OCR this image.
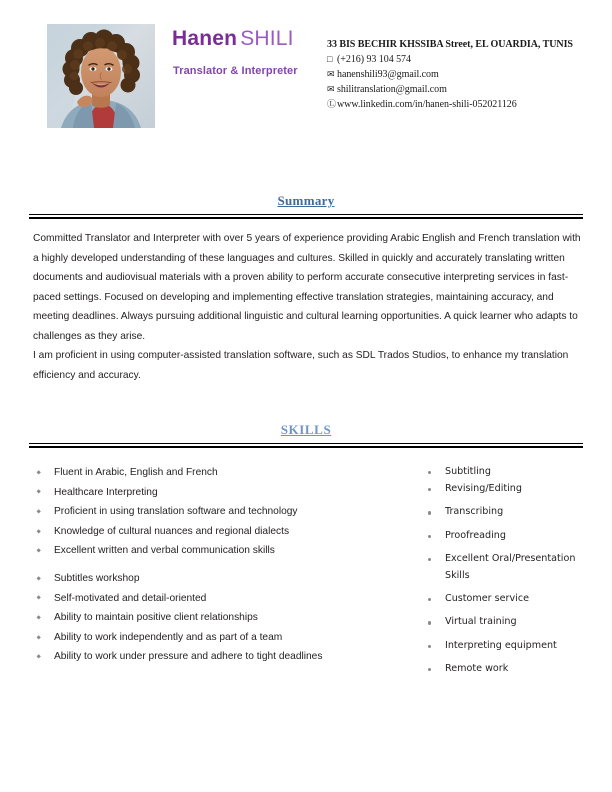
Hanen SHILI
Translator & Interpreter
33 BIS BECHIR KHSSIBA Street, EL OUARDIA, TUNIS
□ (+216) 93 104 574
✉ hanenshili93@gmail.com
✉ shilitranslation@gmail.com
Ⓛ www.linkedin.com/in/hanen-shili-052021126
Summary

Committed Translator and Interpreter with over 5 years of experience providing Arabic English and French translation with a highly developed understanding of these languages and cultures. Skilled in quickly and accurately translating written documents and audiovisual materials with a proven ability to perform accurate consecutive interpreting services in fast-paced settings. Focused on developing and implementing effective translation strategies, maintaining accuracy, and meeting deadlines. Always pursuing additional linguistic and cultural learning opportunities. A quick learner who adapts to challenges as they arise.

I am proficient in using computer-assisted translation software, such as SDL Trados Studios, to enhance my translation efficiency and accuracy.

SKILLS
Fluent in Arabic, English and French
Healthcare Interpreting
Proficient in using translation software and technology
Knowledge of cultural nuances and regional dialects
Excellent written and verbal communication skills
Subtitles workshop
Self-motivated and detail-oriented
Ability to maintain positive client relationships
Ability to work independently and as part of a team
Ability to work under pressure and adhere to tight deadlines
Subtitling
Revising/Editing
Transcribing
Proofreading
Excellent Oral/Presentation Skills
Customer service
Virtual training
Interpreting equipment
Remote work
